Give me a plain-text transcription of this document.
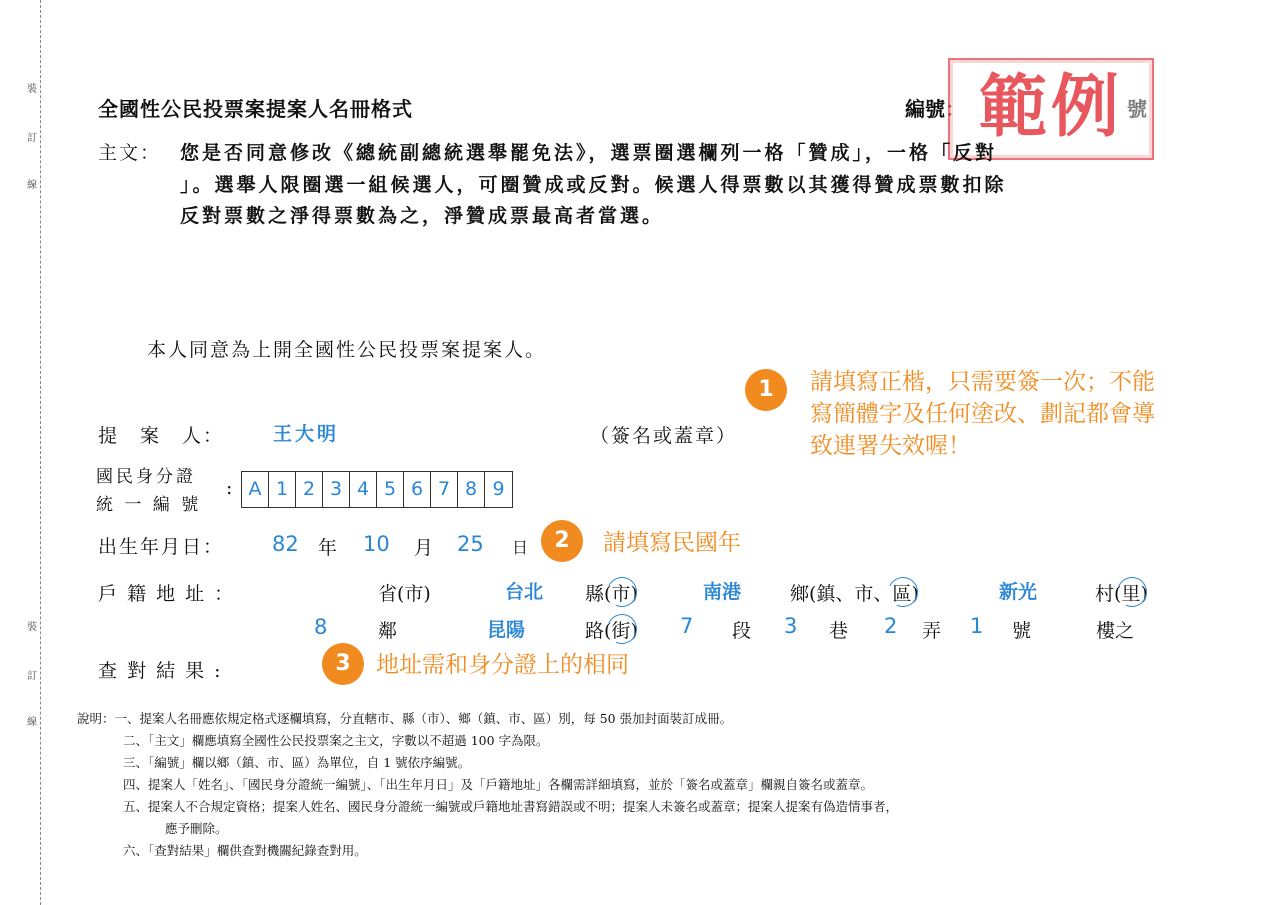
裝
訂
線
裝
訂
線
全國性公民投票案提案人名冊格式	編號：	號
範例
主文： 您是否同意修改《總統副總統選舉罷免法》，選票圈選欄列一格「贊成」，一格「反對
」。選舉人限圈選一組候選人，可圈贊成或反對。候選人得票數以其獲得贊成票數扣除
反對票數之淨得票數為之，淨贊成票最高者當選。
本人同意為上開全國性公民投票案提案人。
1	請填寫正楷，只需要簽一次；不能
寫簡體字及任何塗改、劃記都會導
致連署失效喔！
提　案　人：	王大明	（簽名或蓋章）
國民身分證
統 一 編 號
: A 1 2 3 4 5 6 7 8 9
出生年月日： 82 年 10 月 25 日	2	請填寫民國年
戶 籍 地 址 ：	省(市)	台北 縣(市)	南港	鄉(鎮、市、區)	新光	村(里)
8	鄰	昆陽	路(街) 7 段 3 巷 2 弄 1 號	樓之
查 對 結 果 :	3	地址需和身分證上的相同
說明：一、提案人名冊應依規定格式逐欄填寫，分直轄市、縣（市）、鄉（鎮、市、區）別，每 50 張加封面裝訂成冊。
二、「主文」欄應填寫全國性公民投票案之主文，字數以不超過 100 字為限。
三、「編號」欄以鄉（鎮、市、區）為單位，自 1 號依序編號。
四、提案人「姓名」、「國民身分證統一編號」、「出生年月日」及「戶籍地址」各欄需詳細填寫，並於「簽名或蓋章」欄親自簽名或蓋章。
五、提案人不合規定資格；提案人姓名、國民身分證統一編號或戶籍地址書寫錯誤或不明；提案人未簽名或蓋章；提案人提案有偽造情事者，
應予刪除。
六、「查對結果」欄供查對機關紀錄查對用。
